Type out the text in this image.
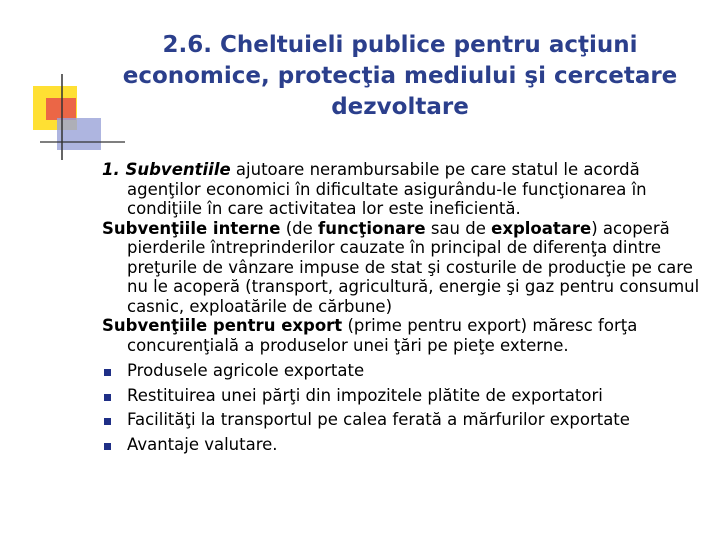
2.6. Cheltuieli publice pentru acţiuni
economice, protecţia mediului şi cercetare
dezvoltare

1. Subventiile ajutoare nerambursabile pe care statul le acordă agenţilor economici în dificultate asigurându-le funcţionarea în condiţiile în care activitatea lor este ineficientă.

Subvenţiile interne (de funcţionare sau de exploatare) acoperă pierderile întreprinderilor cauzate în principal de diferenţa dintre preţurile de vânzare impuse de stat şi costurile de producţie pe care nu le acoperă (transport, agricultură, energie şi gaz pentru consumul casnic, exploatările de cărbune)

Subvenţiile pentru export (prime pentru export) măresc forţa concurenţială a produselor unei ţări pe pieţe externe.

Produsele agricole exportate
Restituirea unei părţi din impozitele plătite de exportatori
Facilităţi la transportul pe calea ferată a mărfurilor exportate
Avantaje valutare.
